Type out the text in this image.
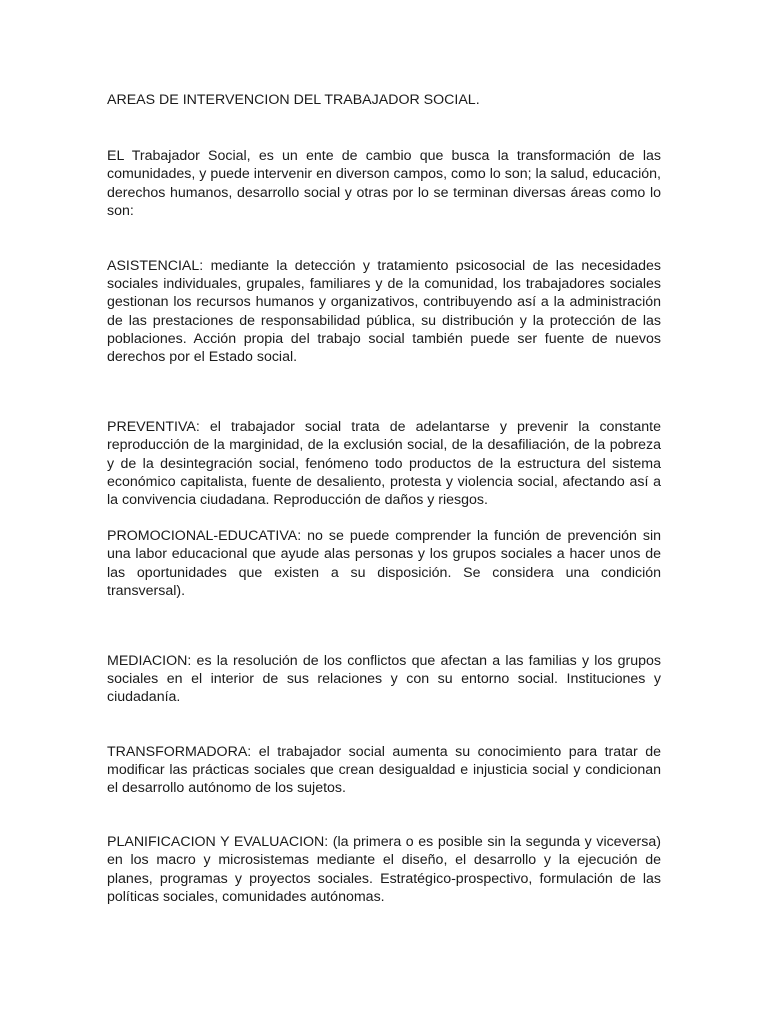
AREAS DE INTERVENCION DEL TRABAJADOR SOCIAL.

EL Trabajador Social, es un ente de cambio que busca la transformación de las comunidades, y puede intervenir en diverson campos, como lo son; la salud, educación, derechos humanos, desarrollo social y otras por lo se terminan diversas áreas como lo son:

ASISTENCIAL: mediante la detección y tratamiento psicosocial de las necesidades sociales individuales, grupales, familiares y de la comunidad, los trabajadores sociales gestionan los recursos humanos y organizativos, contribuyendo así a la administración de las prestaciones de responsabilidad pública, su distribución y la protección de las poblaciones. Acción propia del trabajo social también puede ser fuente de nuevos derechos por el Estado social.

PREVENTIVA: el trabajador social trata de adelantarse y prevenir la constante reproducción de la marginidad, de la exclusión social, de la desafiliación, de la pobreza y de la desintegración social, fenómeno todo productos de la estructura del sistema económico capitalista, fuente de desaliento, protesta y violencia social, afectando así a la convivencia ciudadana. Reproducción de daños y riesgos.

PROMOCIONAL-EDUCATIVA: no se puede comprender la función de prevención sin una labor educacional que ayude alas personas y los grupos sociales a hacer unos de las oportunidades que existen a su disposición. Se considera una condición transversal).

MEDIACION: es la resolución de los conflictos que afectan a las familias y los grupos sociales en el interior de sus relaciones y con su entorno social. Instituciones y ciudadanía.

TRANSFORMADORA: el trabajador social aumenta su conocimiento para tratar de modificar las prácticas sociales que crean desigualdad e injusticia social y condicionan el desarrollo autónomo de los sujetos.

PLANIFICACION Y EVALUACION: (la primera o es posible sin la segunda y viceversa) en los macro y microsistemas mediante el diseño, el desarrollo y la ejecución de planes, programas y proyectos sociales. Estratégico-prospectivo, formulación de las políticas sociales, comunidades autónomas.
